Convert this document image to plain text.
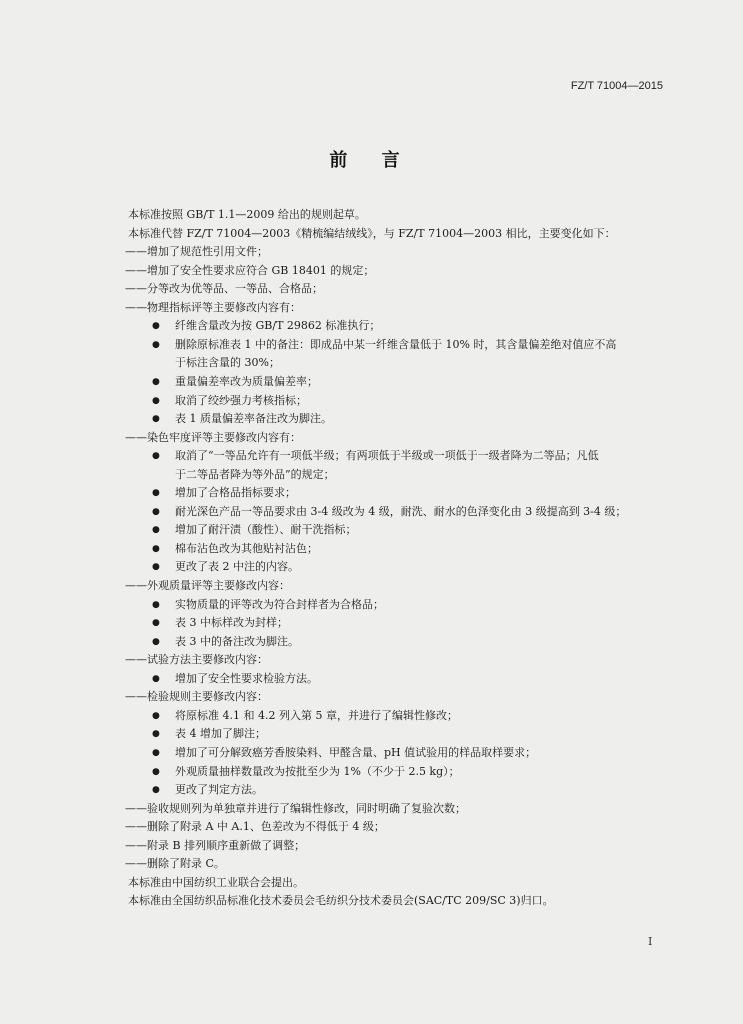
FZ/T 71004—2015
前 言
本标准按照 GB/T 1.1—2009 给出的规则起草。
本标准代替 FZ/T 71004—2003《精梳编结绒线》，与 FZ/T 71004—2003 相比，主要变化如下：
——增加了规范性引用文件；
——增加了安全性要求应符合 GB 18401 的规定；
——分等改为优等品、一等品、合格品；
——物理指标评等主要修改内容有：
● 纤维含量改为按 GB/T 29862 标准执行；
● 删除原标准表 1 中的备注：即成品中某一纤维含量低于 10% 时，其含量偏差绝对值应不高
于标注含量的 30%；
● 重量偏差率改为质量偏差率；
● 取消了绞纱强力考核指标；
● 表 1 质量偏差率备注改为脚注。
——染色牢度评等主要修改内容有：
● 取消了“一等品允许有一项低半级；有两项低于半级或一项低于一级者降为二等品；凡低
于二等品者降为等外品”的规定；
● 增加了合格品指标要求；
● 耐光深色产品一等品要求由 3-4 级改为 4 级，耐洗、耐水的色泽变化由 3 级提高到 3-4 级；
● 增加了耐汗渍（酸性）、耐干洗指标；
● 棉布沾色改为其他贴衬沾色；
● 更改了表 2 中注的内容。
——外观质量评等主要修改内容：
● 实物质量的评等改为符合封样者为合格品；
● 表 3 中标样改为封样；
● 表 3 中的备注改为脚注。
——试验方法主要修改内容：
● 增加了安全性要求检验方法。
——检验规则主要修改内容：
● 将原标准 4.1 和 4.2 列入第 5 章，并进行了编辑性修改；
● 表 4 增加了脚注；
● 增加了可分解致癌芳香胺染料、甲醛含量、pH 值试验用的样品取样要求；
● 外观质量抽样数量改为按批至少为 1%（不少于 2.5 kg）；
● 更改了判定方法。
——验收规则列为单独章并进行了编辑性修改，同时明确了复验次数；
——删除了附录 A 中 A.1、色差改为不得低于 4 级；
——附录 B 排列顺序重新做了调整；
——删除了附录 C。
本标准由中国纺织工业联合会提出。
本标准由全国纺织品标准化技术委员会毛纺织分技术委员会(SAC/TC 209/SC 3)归口。
I
